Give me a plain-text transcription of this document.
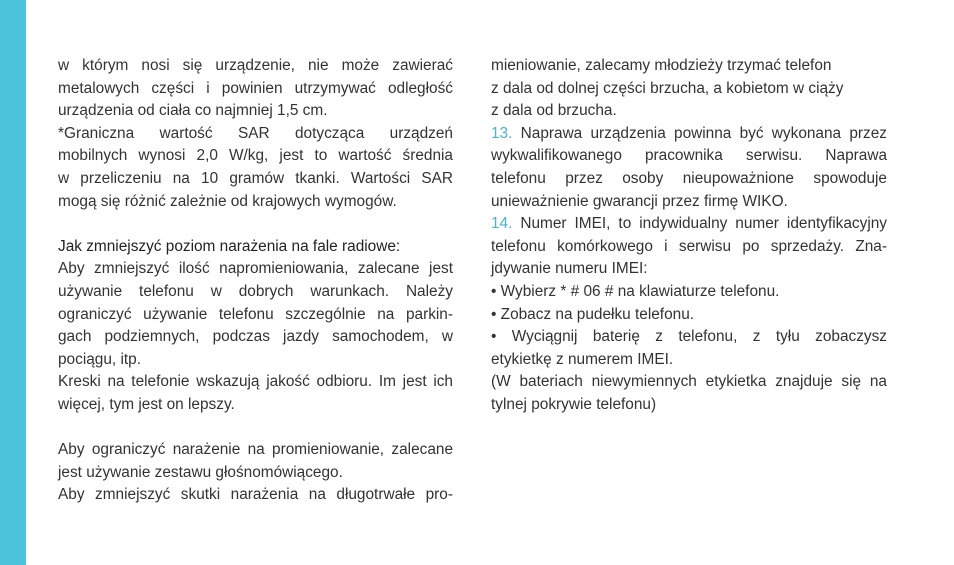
w którym nosi się urządzenie, nie może zawierać
metalowych części i powinien utrzymywać odległość
urządzenia od ciała co najmniej 1,5 cm.
*Graniczna wartość SAR dotycząca urządzeń
mobilnych wynosi 2,0 W/kg, jest to wartość średnia
w przeliczeniu na 10 gramów tkanki. Wartości SAR
mogą się różnić zależnie od krajowych wymogów.
Jak zmniejszyć poziom narażenia na fale radiowe:
Aby zmniejszyć ilość napromieniowania, zalecane jest
używanie telefonu w dobrych warunkach. Należy
ograniczyć używanie telefonu szczególnie na parkin-
gach podziemnych, podczas jazdy samochodem, w
pociągu, itp.
Kreski na telefonie wskazują jakość odbioru. Im jest ich
więcej, tym jest on lepszy.
Aby ograniczyć narażenie na promieniowanie, zalecane
jest używanie zestawu głośnomówiącego.
Aby zmniejszyć skutki narażenia na długotrwałe pro-
mieniowanie, zalecamy młodzieży trzymać telefon
z dala od dolnej części brzucha, a kobietom w ciąży
z dala od brzucha.
13. Naprawa urządzenia powinna być wykonana przez
wykwalifikowanego pracownika serwisu. Naprawa
telefonu przez osoby nieupoważnione spowoduje
unieważnienie gwarancji przez firmę WIKO.
14. Numer IMEI, to indywidualny numer identyfikacyjny
telefonu komórkowego i serwisu po sprzedaży. Zna-
jdywanie numeru IMEI:
• Wybierz * # 06 # na klawiaturze telefonu.
• Zobacz na pudełku telefonu.
• Wyciągnij baterię z telefonu, z tyłu zobaczysz
etykietkę z numerem IMEI.
(W bateriach niewymiennych etykietka znajduje się na
tylnej pokrywie telefonu)
